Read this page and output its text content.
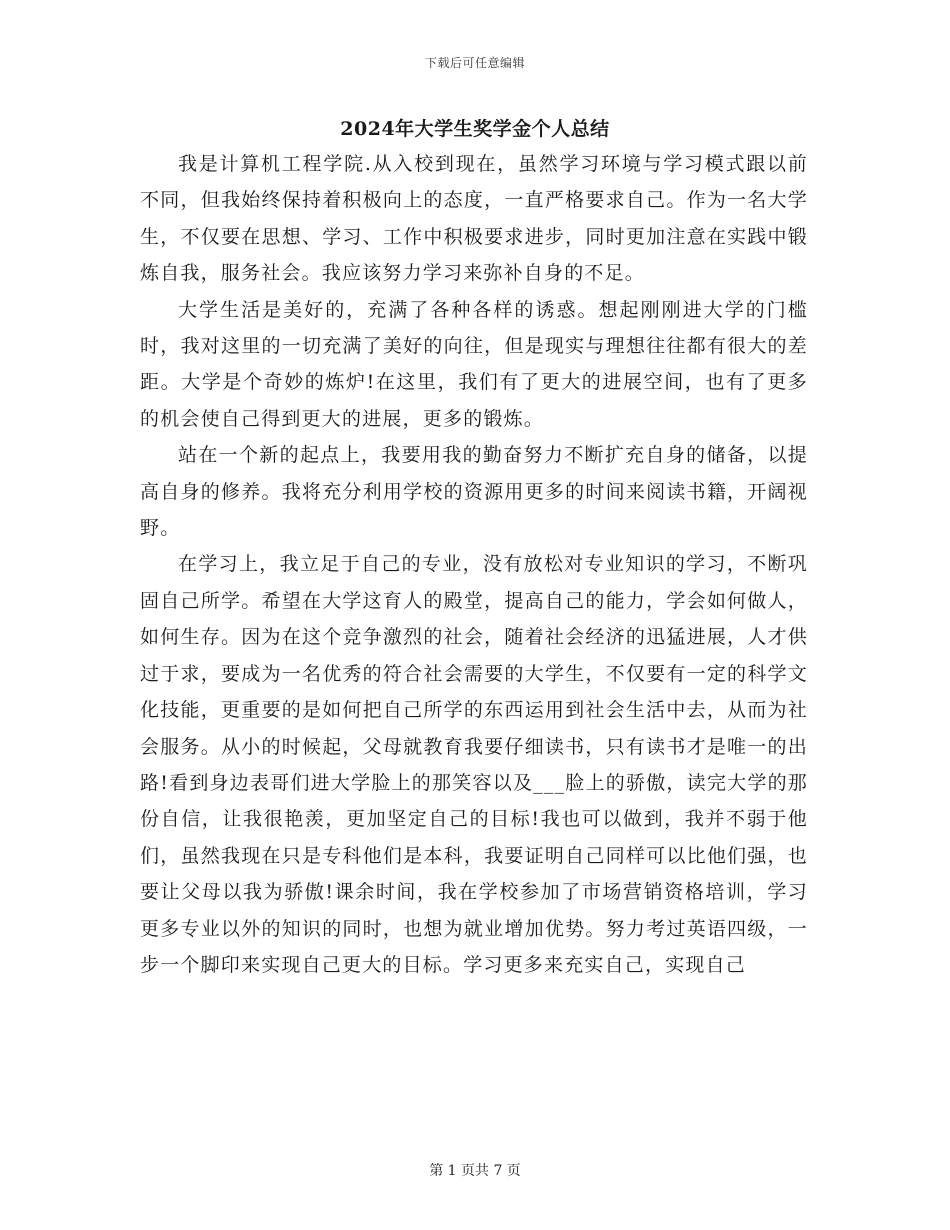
下载后可任意编辑
2024年大学生奖学金个人总结

我是计算机工程学院.从入校到现在，虽然学习环境与学习模式跟以前不同，但我始终保持着积极向上的态度，一直严格要求自己。作为一名大学生，不仅要在思想、学习、工作中积极要求进步，同时更加注意在实践中锻炼自我，服务社会。我应该努力学习来弥补自身的不足。

大学生活是美好的，充满了各种各样的诱惑。想起刚刚进大学的门槛时，我对这里的一切充满了美好的向往，但是现实与理想往往都有很大的差距。大学是个奇妙的炼炉!在这里，我们有了更大的进展空间，也有了更多的机会使自己得到更大的进展，更多的锻炼。

站在一个新的起点上，我要用我的勤奋努力不断扩充自身的储备，以提高自身的修养。我将充分利用学校的资源用更多的时间来阅读书籍，开阔视野。

在学习上，我立足于自己的专业，没有放松对专业知识的学习，不断巩固自己所学。希望在大学这育人的殿堂，提高自己的能力，学会如何做人，如何生存。因为在这个竞争激烈的社会，随着社会经济的迅猛进展，人才供过于求，要成为一名优秀的符合社会需要的大学生，不仅要有一定的科学文化技能，更重要的是如何把自己所学的东西运用到社会生活中去，从而为社会服务。从小的时候起，父母就教育我要仔细读书，只有读书才是唯一的出路!看到身边表哥们进大学脸上的那笑容以及___脸上的骄傲，读完大学的那份自信，让我很艳羡，更加坚定自己的目标!我也可以做到，我并不弱于他们，虽然我现在只是专科他们是本科，我要证明自己同样可以比他们强，也要让父母以我为骄傲!课余时间，我在学校参加了市场营销资格培训，学习更多专业以外的知识的同时，也想为就业增加优势。努力考过英语四级，一步一个脚印来实现自己更大的目标。学习更多来充实自己，实现自己

第 1 页共 7 页
